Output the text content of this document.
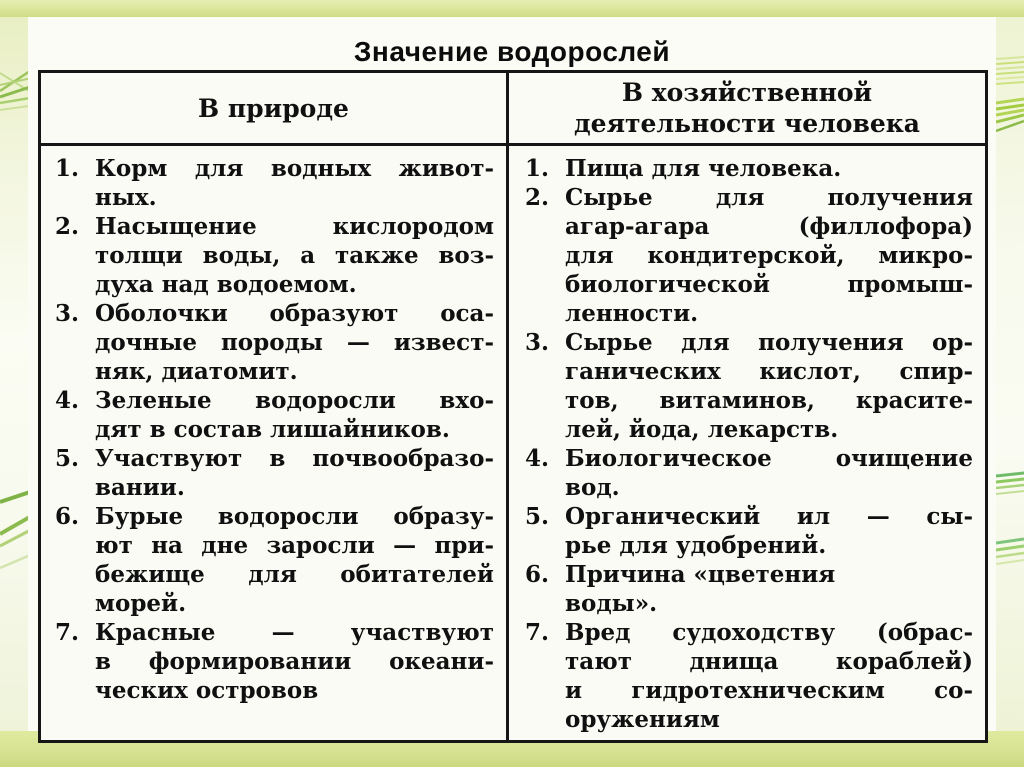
Значение водорослей
В природе
В хозяйственной
деятельности человека
1. Корм для водных живот-
ных.
2. Насыщение кислородом
толщи воды, а также воз-
духа над водоемом.
3. Оболочки образуют оса-
дочные породы — извест-
няк, диатомит.
4. Зеленые водоросли вхо-
дят в состав лишайников.
5. Участвуют в почвообразо-
вании.
6. Бурые водоросли образу-
ют на дне заросли — при-
бежище для обитателей
морей.
7. Красные — участвуют
в формировании океани-
ческих островов
1. Пища для человека.
2. Сырье для получения
агар-агара (филлофора)
для кондитерской, микро-
биологической промыш-
ленности.
3. Сырье для получения ор-
ганических кислот, спир-
тов, витаминов, красите-
лей, йода, лекарств.
4. Биологическое очищение
вод.
5. Органический ил — сы-
рье для удобрений.
6. Причина «цветения
воды».
7. Вред судоходству (обрас-
тают днища кораблей)
и гидротехническим со-
оружениям
